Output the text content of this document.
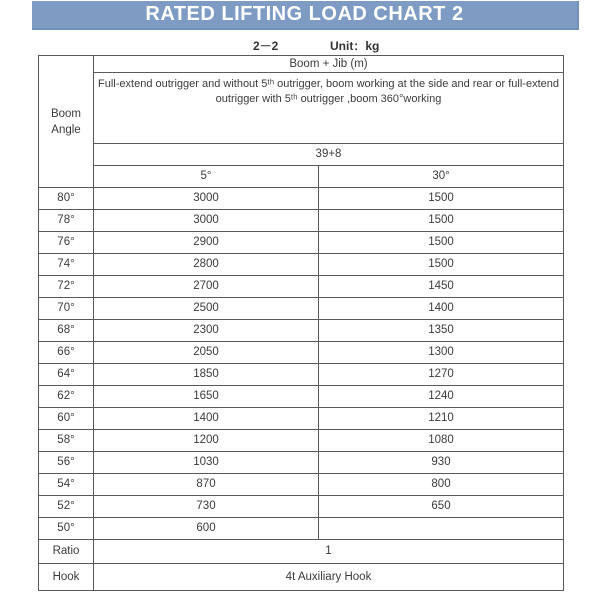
RATED LIFTING LOAD CHART 2
2－2	Unit：kg
Boom Angle	Boom + Jib (m)	

	Full-extend outrigger and without 5ᵗʰ outrigger, boom working at the side and rear or full-extend
outrigger with 5ᵗʰ outrigger ,boom 360°working	

	39+8	
	5°	30°
80°	3000	1500
78°	3000	1500
76°	2900	1500
74°	2800	1500
72°	2700	1450
70°	2500	1400
68°	2300	1350
66°	2050	1300
64°	1850	1270
62°	1650	1240
60°	1400	1210
58°	1200	1080
56°	1030	930
54°	870	800
52°	730	650
50°	600	
Ratio	1	
Hook	4t Auxiliary Hook	
